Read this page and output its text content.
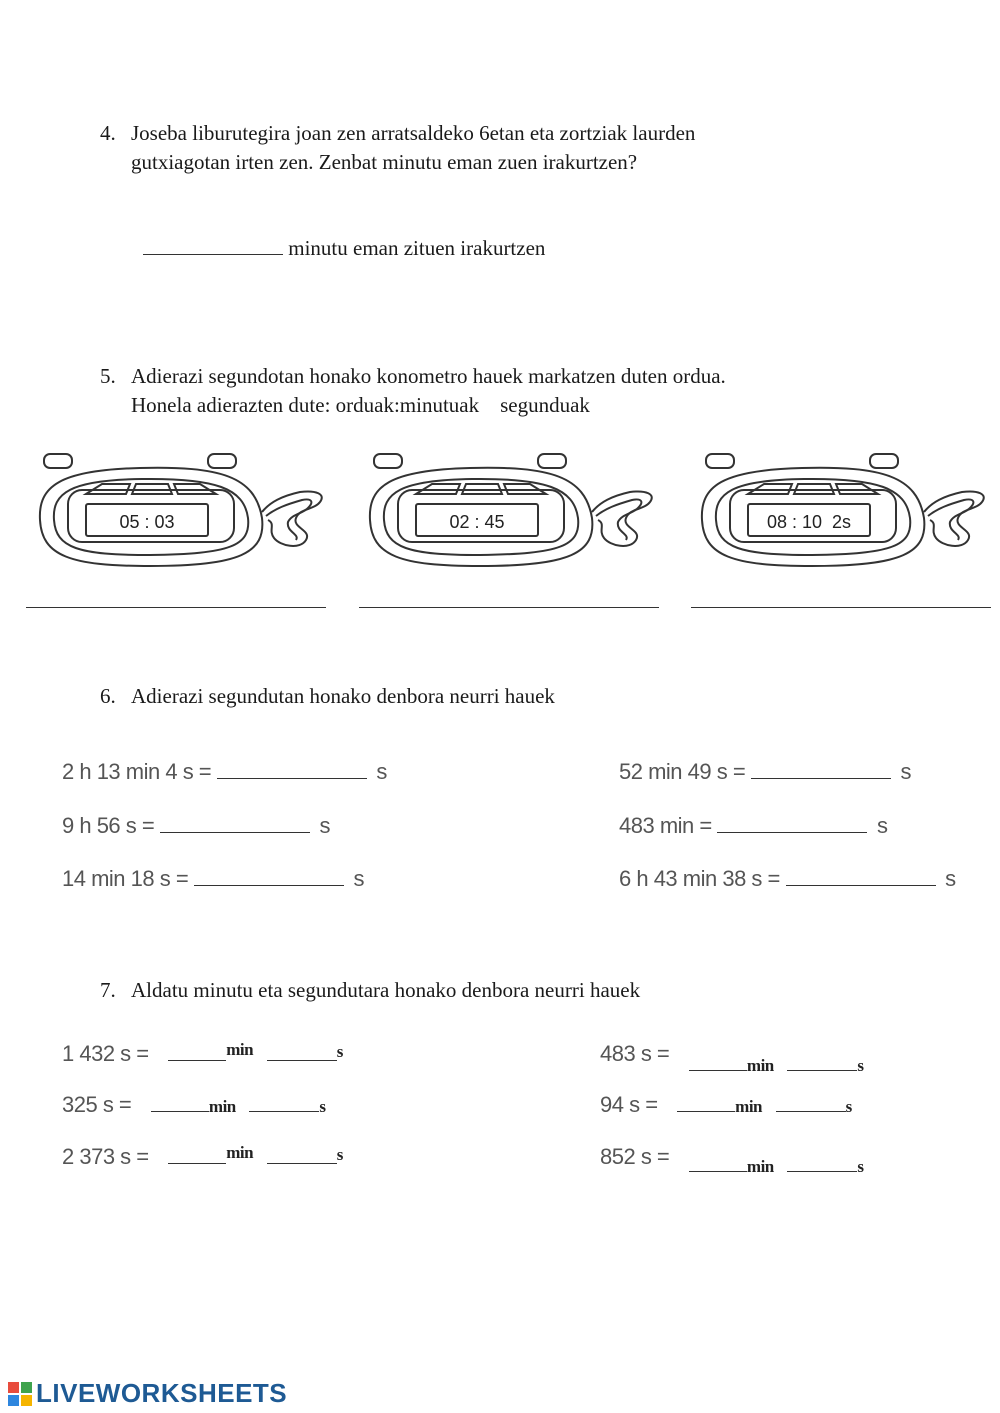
4. Joseba liburutegira joan zen arratsaldeko 6etan eta zortziak laurden
gutxiagotan irten zen. Zenbat minutu eman zuen irakurtzen?
minutu eman zituen irakurtzen
5. Adierazi segundotan honako konometro hauek markatzen duten ordua.
Honela adierazten dute: orduak:minutuak    segunduak
05 : 03	02 : 45	08 : 10  2s
6. Adierazi segundutan honako denbora neurri hauek
2 h 13 min 4 s =	s
9 h 56 s =	s
14 min 18 s =	s
52 min 49 s =	s
483 min =	s
6 h 43 min 38 s =	s
7. Aldatu minutu eta segundutara honako denbora neurri hauek
1 432 s =	$^{min}$	s
325 s =	min	s
2 373 s =	$^{min}$	s
483 s =	$_{min}$	$_s$
94 s =	min	s
852 s =	$_{min}$	$_s$
LIVEWORKSHEETS
